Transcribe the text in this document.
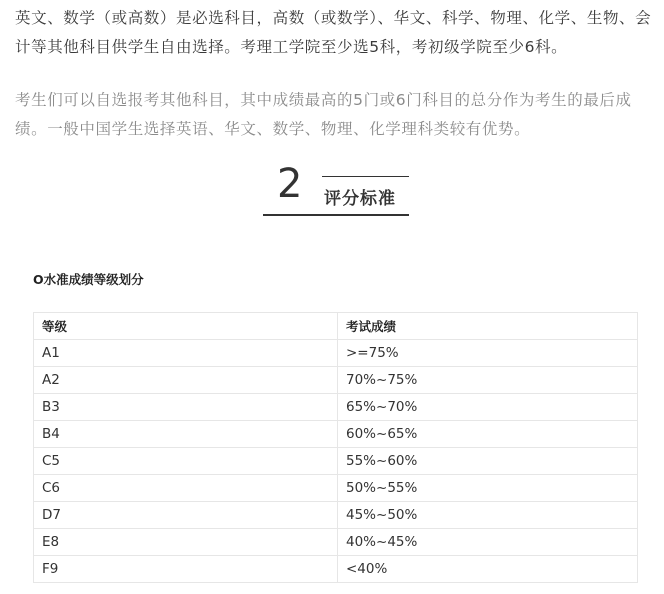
英文、数学（或高数）是必选科目，高数（或数学）、华文、科学、物理、化学、生物、会计等其他科目供学生自由选择。考理工学院至少选5科，考初级学院至少6科。

考生们可以自选报考其他科目，其中成绩最高的5门或6门科目的总分作为考生的最后成绩。一般中国学生选择英语、华文、数学、物理、化学理科类较有优势。

2 评分标准
O水准成绩等级划分
等级	考试成绩
A1	>=75%
A2	70%~75%
B3	65%~70%
B4	60%~65%
C5	55%~60%
C6	50%~55%
D7	45%~50%
E8	40%~45%
F9	<40%
